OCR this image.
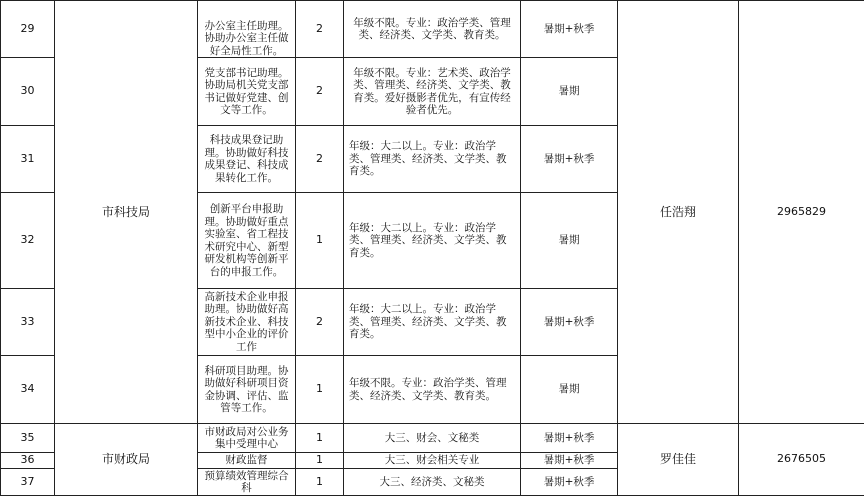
29	市科技局	办公室主任助理。协助办公室主任做好全局性工作。	2	年级不限。专业：政治学类、管理类、经济类、文学类、教育类。	暑期+秋季	任浩翔	2965829
30		党支部书记助理。协助局机关党支部书记做好党建、创文等工作。	2	年级不限。专业：艺术类、政治学类、管理类、经济类、文学类、教育类。爱好摄影者优先，有宣传经验者优先。	暑期		
31		科技成果登记助理。协助做好科技成果登记、科技成果转化工作。	2	年级：大二以上。专业：政治学类、管理类、经济类、文学类、教育类。	暑期+秋季		
32		创新平台申报助理。协助做好重点实验室、省工程技术研究中心、新型研发机构等创新平台的申报工作。	1	年级：大二以上。专业：政治学类、管理类、经济类、文学类、教育类。	暑期		
33		高新技术企业申报助理。协助做好高新技术企业、科技型中小企业的评价工作	2	年级：大二以上。专业：政治学类、管理类、经济类、文学类、教育类。	暑期+秋季		
34		科研项目助理。协助做好科研项目资金协调、评估、监管等工作。	1	年级不限。专业：政治学类、管理类、经济类、文学类、教育类。	暑期		
35	市财政局	市财政局对公业务集中受理中心	1	大三、财会、文秘类	暑期+秋季	罗佳佳	2676505
36		财政监督	1	大三、财会相关专业	暑期+秋季		
37		预算绩效管理综合科	1	大三、经济类、文秘类	暑期+秋季		
